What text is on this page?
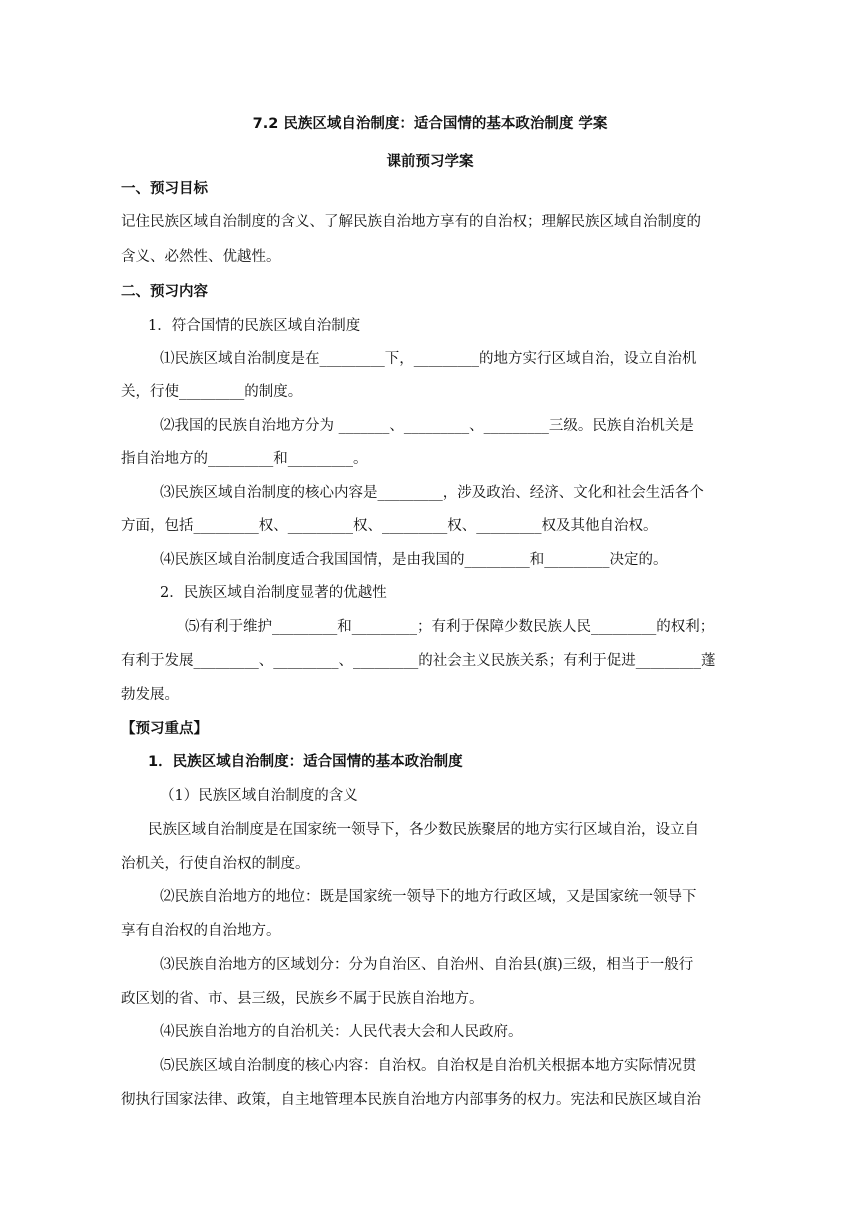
7.2 民族区域自治制度：适合国情的基本政治制度 学案
课前预习学案
一、预习目标
记住民族区域自治制度的含义、了解民族自治地方享有的自治权；理解民族区域自治制度的
含义、必然性、优越性。
二、预习内容
1．符合国情的民族区域自治制度
⑴民族区域自治制度是在_________下，_________的地方实行区域自治，设立自治机
关，行使_________的制度。
⑵我国的民族自治地方分为 _______、_________、_________三级。民族自治机关是
指自治地方的_________和_________。
⑶民族区域自治制度的核心内容是_________，涉及政治、经济、文化和社会生活各个
方面，包括_________权、_________权、_________权、_________权及其他自治权。
⑷民族区域自治制度适合我国国情，是由我国的_________和_________决定的。
2．民族区域自治制度显著的优越性
⑸有利于维护_________和_________；有利于保障少数民族人民_________的权利；
有利于发展_________、_________、_________的社会主义民族关系；有利于促进_________蓬
勃发展。
【预习重点】
1．民族区域自治制度：适合国情的基本政治制度
（1）民族区域自治制度的含义
民族区域自治制度是在国家统一领导下，各少数民族聚居的地方实行区域自治，设立自
治机关，行使自治权的制度。
⑵民族自治地方的地位：既是国家统一领导下的地方行政区域，又是国家统一领导下
享有自治权的自治地方。
⑶民族自治地方的区域划分：分为自治区、自治州、自治县(旗)三级，相当于一般行
政区划的省、市、县三级，民族乡不属于民族自治地方。
⑷民族自治地方的自治机关：人民代表大会和人民政府。
⑸民族区域自治制度的核心内容：自治权。自治权是自治机关根据本地方实际情况贯
彻执行国家法律、政策，自主地管理本民族自治地方内部事务的权力。宪法和民族区域自治
